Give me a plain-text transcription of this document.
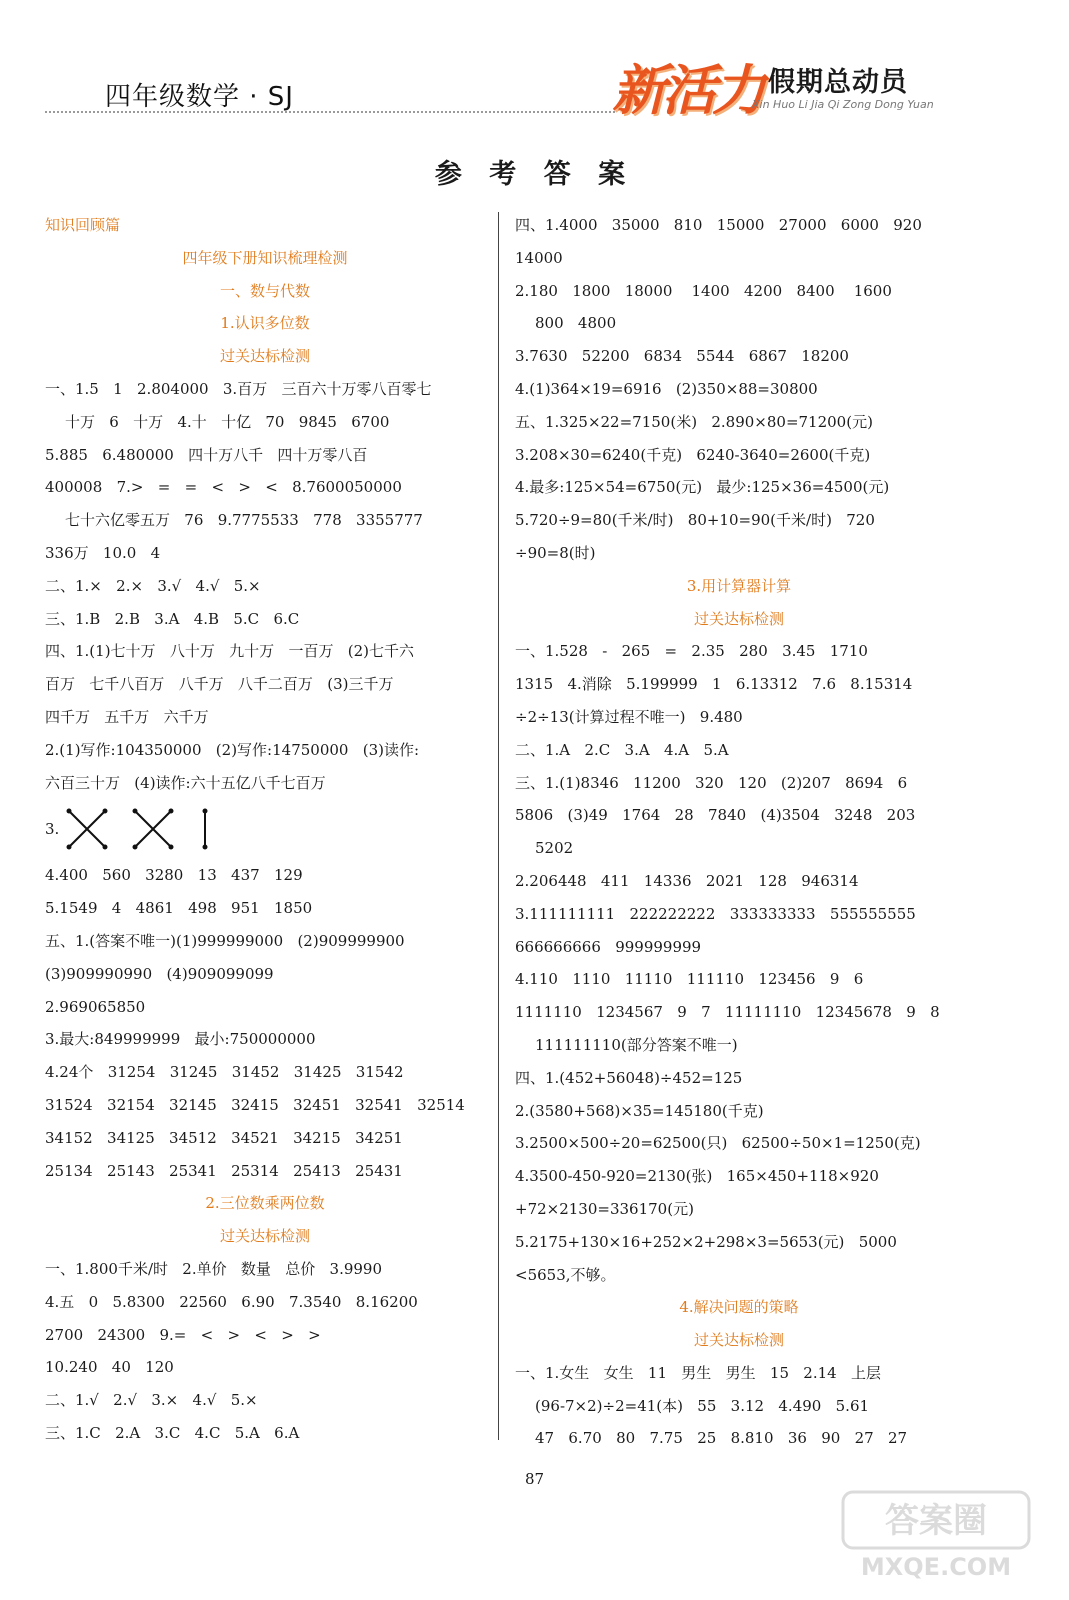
四年级数学 · SJ	新活力 假期总动员
Xin Huo Li Jia Qi Zong Dong Yuan
参 考 答 案
知识回顾篇
四年级下册知识梳理检测
一、数与代数
1.认识多位数
过关达标检测
一、1.5   1   2.804000   3.百万   三百六十万零八百零七
十万   6   十万   4.十   十亿   70   9845   6700
5.885   6.480000   四十万八千   四十万零八百
400008   7.>   =   =   <   >   <   8.7600050000
七十六亿零五万   76   9.7775533   778   3355777
336万   10.0   4
二、1.×   2.×   3.√   4.√   5.×
三、1.B   2.B   3.A   4.B   5.C   6.C
四、1.(1)七十万   八十万   九十万   一百万   (2)七千六
百万   七千八百万   八千万   八千二百万   (3)三千万
四千万   五千万   六千万
2.(1)写作:104350000   (2)写作:14750000   (3)读作:
六百三十万   (4)读作:六十五亿八千七百万
3.
4.400   560   3280   13   437   129
5.1549   4   4861   498   951   1850
五、1.(答案不唯一)(1)999999000   (2)909999900
(3)909990990   (4)909099099
2.969065850
3.最大:849999999   最小:750000000
4.24个   31254   31245   31452   31425   31542
31524   32154   32145   32415   32451   32541   32514
34152   34125   34512   34521   34215   34251
25134   25143   25341   25314   25413   25431
2.三位数乘两位数
过关达标检测
一、1.800千米/时   2.单价   数量   总价   3.9990
4.五   0   5.8300   22560   6.90   7.3540   8.16200
2700   24300   9.=   <   >   <   >   >
10.240   40   120
二、1.√   2.√   3.×   4.√   5.×
三、1.C   2.A   3.C   4.C   5.A   6.A
四、1.4000   35000   810   15000   27000   6000   920
14000
2.180   1800   18000    1400   4200   8400    1600
800   4800
3.7630   52200   6834   5544   6867   18200
4.(1)364×19=6916   (2)350×88=30800
五、1.325×22=7150(米)   2.890×80=71200(元)
3.208×30=6240(千克)   6240-3640=2600(千克)
4.最多:125×54=6750(元)   最少:125×36=4500(元)
5.720÷9=80(千米/时)   80+10=90(千米/时)   720
÷90=8(时)
3.用计算器计算
过关达标检测
一、1.528   -   265   =   2.35   280   3.45   1710
1315   4.消除   5.199999   1   6.13312   7.6   8.15314
÷2÷13(计算过程不唯一)   9.480
二、1.A   2.C   3.A   4.A   5.A
三、1.(1)8346   11200   320   120   (2)207   8694   6
5806   (3)49   1764   28   7840   (4)3504   3248   203
5202
2.206448   411   14336   2021   128   946314
3.111111111   222222222   333333333   555555555
666666666   999999999
4.110   1110   11110   111110   123456   9   6
1111110   1234567   9   7   11111110   12345678   9   8
111111110(部分答案不唯一)
四、1.(452+56048)÷452=125
2.(3580+568)×35=145180(千克)
3.2500×500÷20=62500(只)   62500÷50×1=1250(克)
4.3500-450-920=2130(张)   165×450+118×920
+72×2130=336170(元)
5.2175+130×16+252×2+298×3=5653(元)   5000
<5653,不够。
4.解决问题的策略
过关达标检测
一、1.女生   女生   11   男生   男生   15   2.14   上层
(96-7×2)÷2=41(本)   55   3.12   4.490   5.61
47   6.70   80   7.75   25   8.810   36   90   27   27
87
答案圈
MXQE.COM
